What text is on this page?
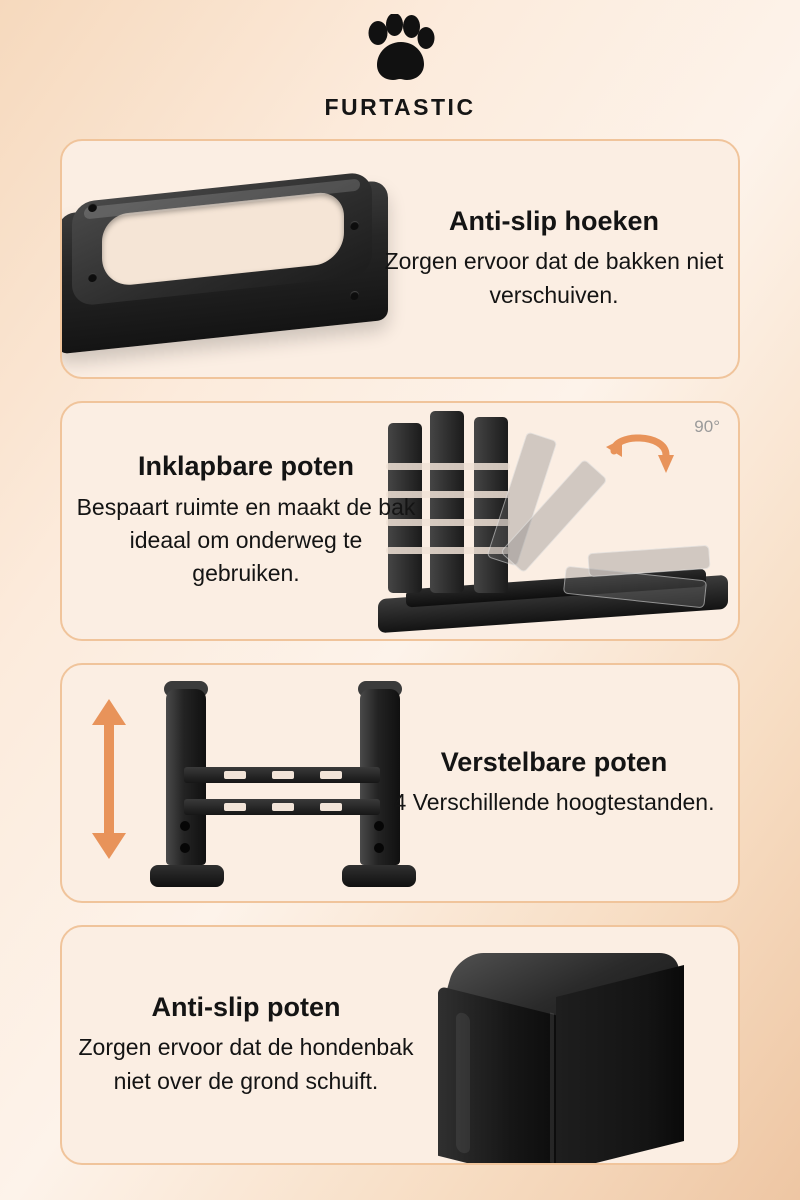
FURTASTIC
Anti-slip hoeken
Zorgen ervoor dat de bakken niet verschuiven.
Inklapbare poten
Bespaart ruimte en maakt de bak ideaal om onderweg te gebruiken.
90°
Verstelbare poten
4 Verschillende hoogtestanden.
Anti-slip poten
Zorgen ervoor dat de hondenbak niet over de grond schuift.
